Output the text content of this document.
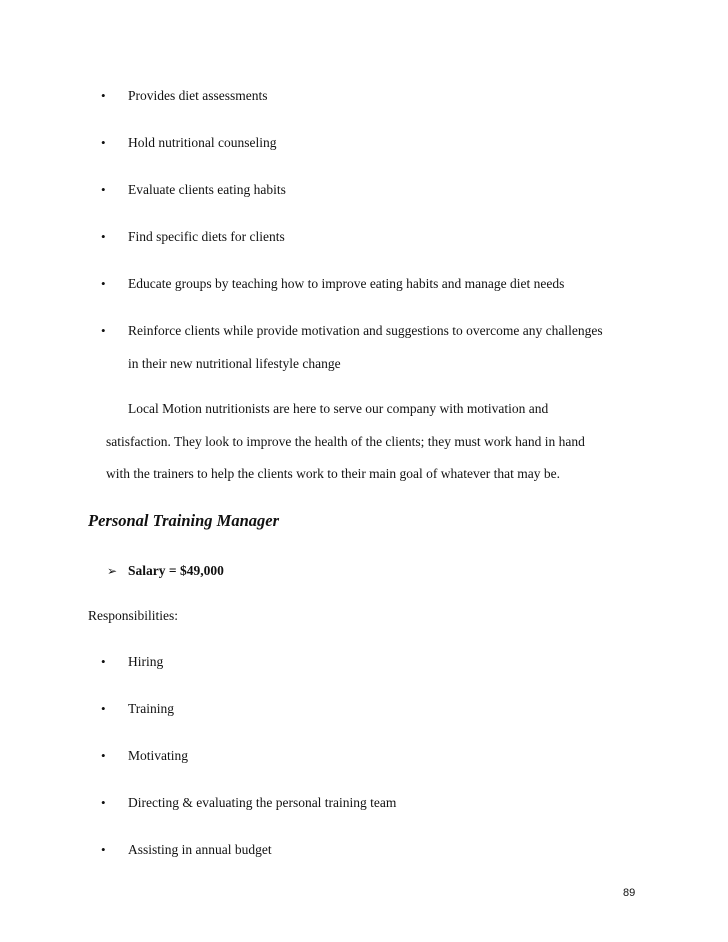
• Provides diet assessments
• Hold nutritional counseling
• Evaluate clients eating habits
• Find specific diets for clients
• Educate groups by teaching how to improve eating habits and manage diet needs
• Reinforce clients while provide motivation and suggestions to overcome any challenges
in their new nutritional lifestyle change
Local Motion nutritionists are here to serve our company with motivation and
satisfaction. They look to improve the health of the clients; they must work hand in hand
with the trainers to help the clients work to their main goal of whatever that may be.
Personal Training Manager
➢ Salary = $49,000
Responsibilities:
• Hiring
• Training
• Motivating
• Directing & evaluating the personal training team
• Assisting in annual budget
89
